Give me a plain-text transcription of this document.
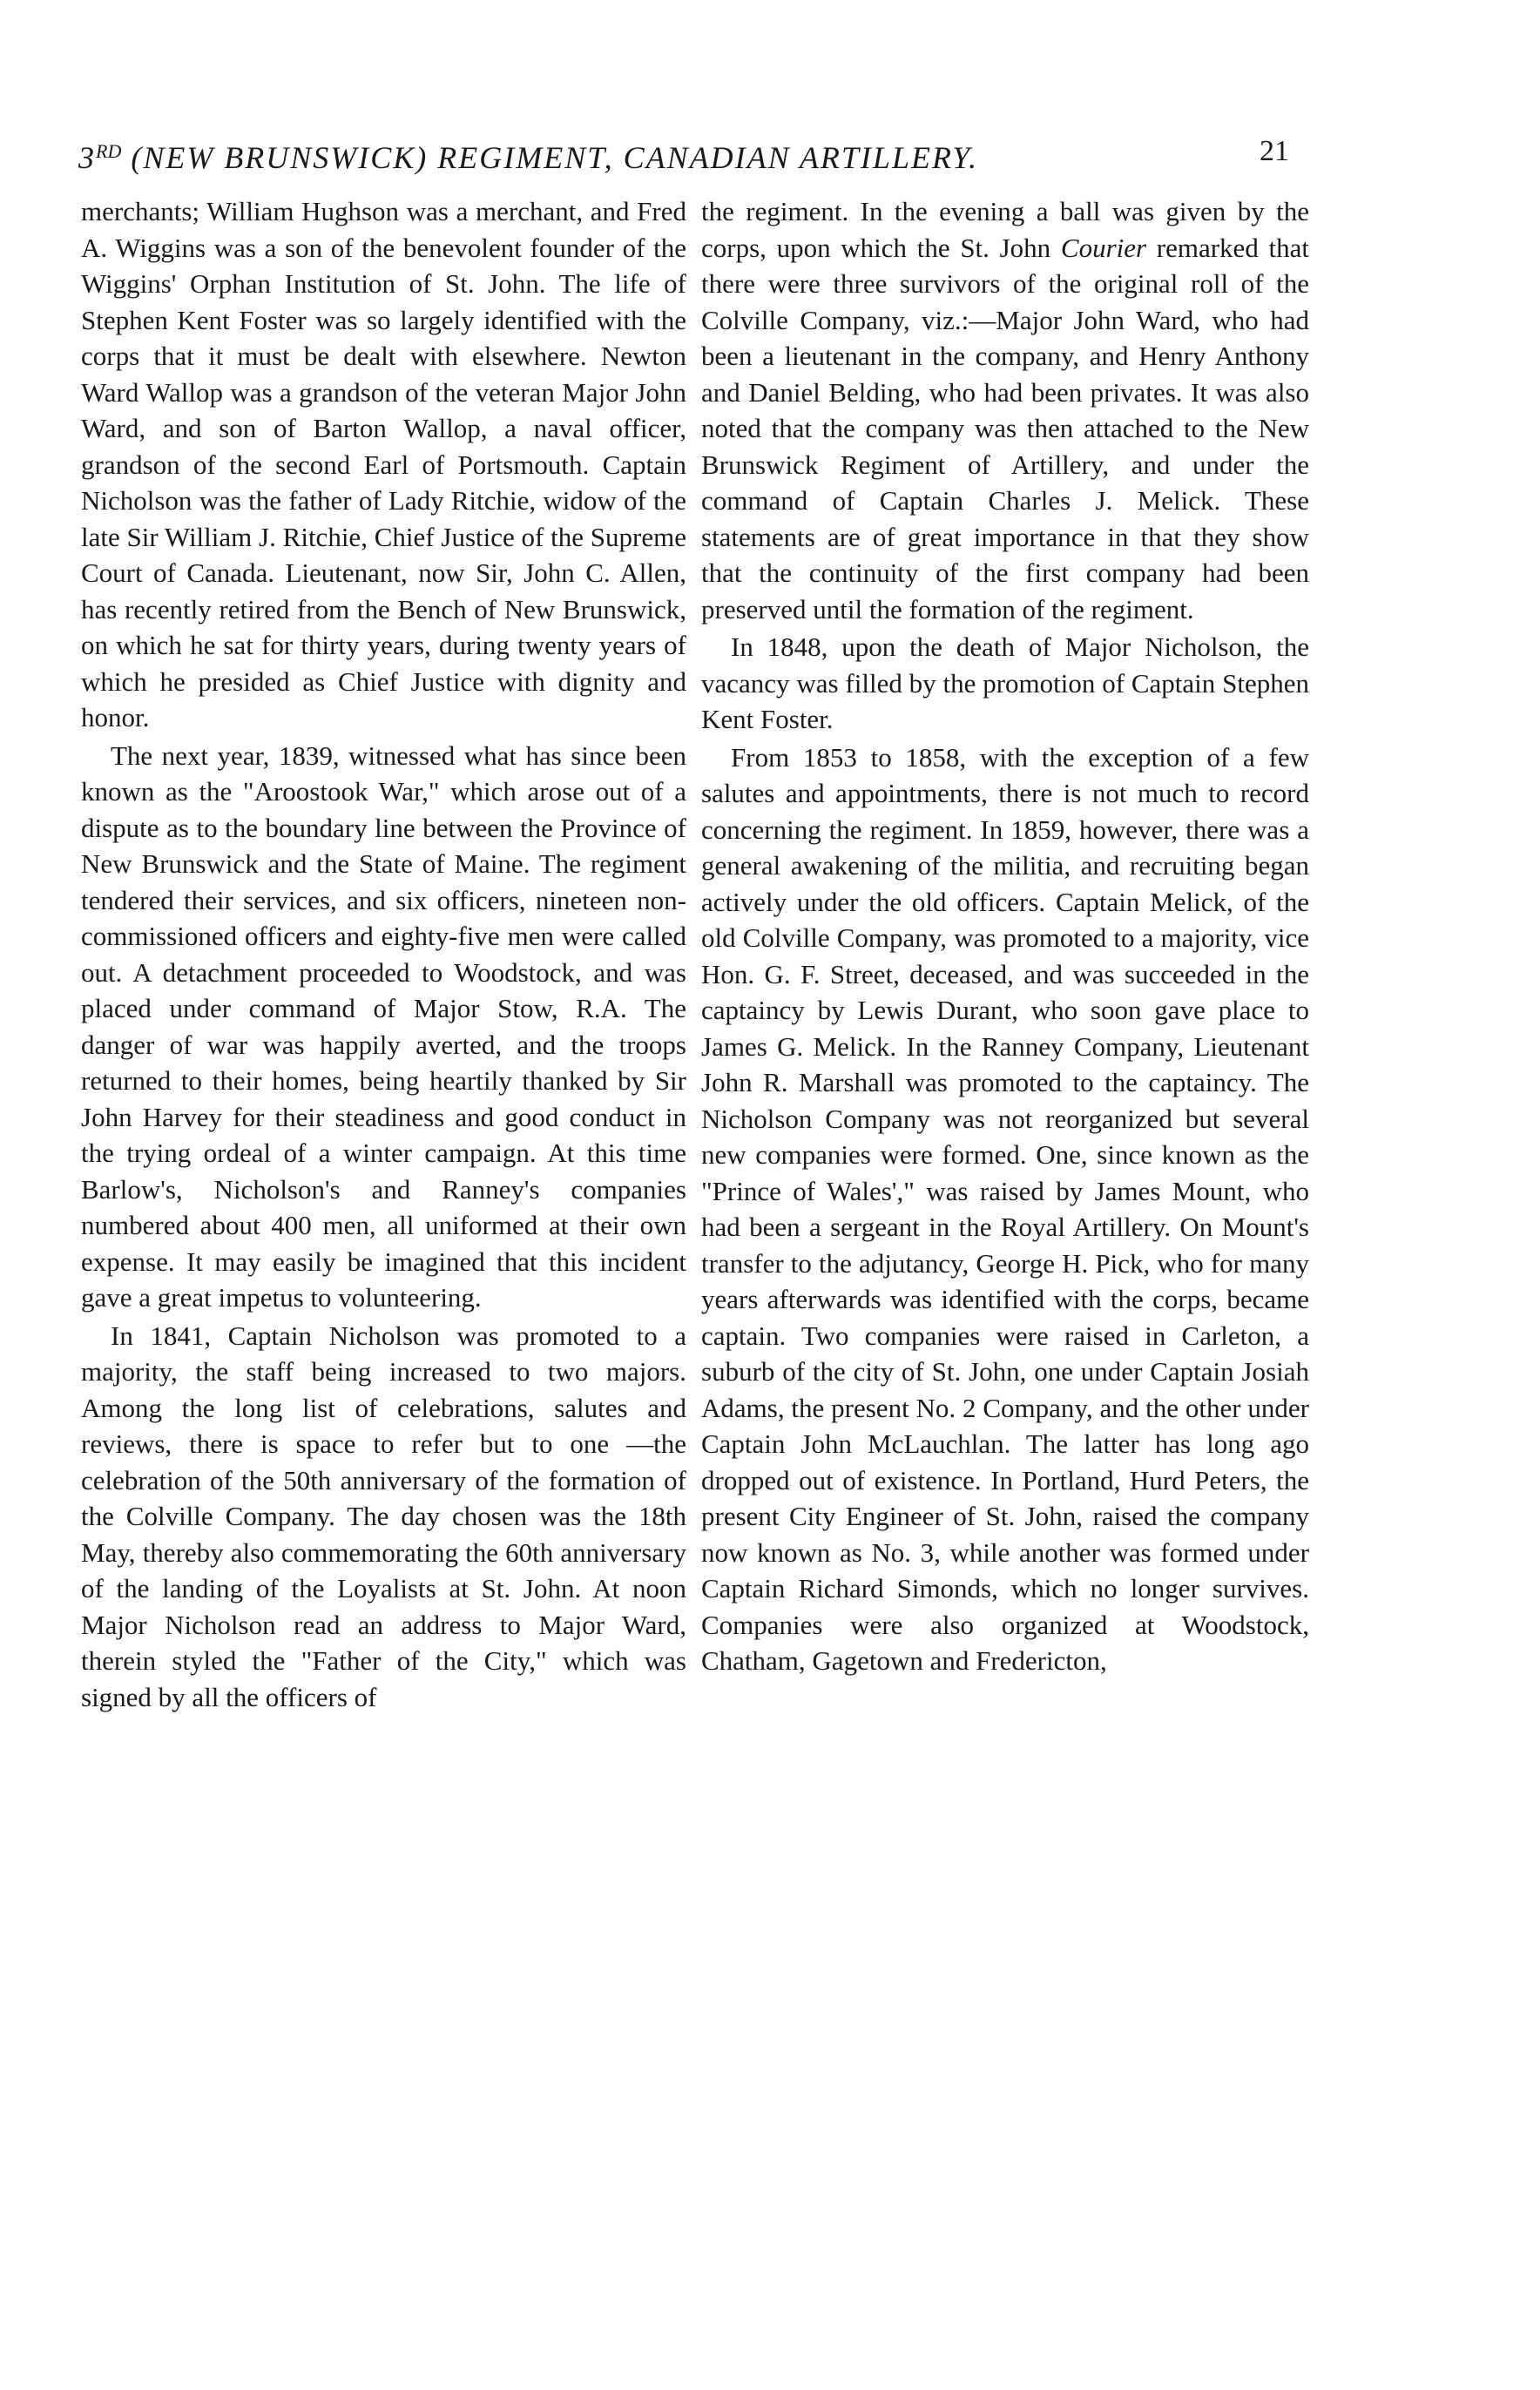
3RD (NEW BRUNSWICK) REGIMENT, CANADIAN ARTILLERY.	21

merchants; William Hughson was a merchant, and Fred A. Wiggins was a son of the benevolent founder of the Wiggins' Orphan Institution of St. John. The life of Stephen Kent Foster was so largely identified with the corps that it must be dealt with elsewhere. Newton Ward Wallop was a grandson of the veteran Major John Ward, and son of Barton Wallop, a naval officer, grandson of the second Earl of Portsmouth. Captain Nicholson was the father of Lady Ritchie, widow of the late Sir William J. Ritchie, Chief Justice of the Supreme Court of Canada. Lieutenant, now Sir, John C. Allen, has recently retired from the Bench of New Brunswick, on which he sat for thirty years, during twenty years of which he presided as Chief Justice with dignity and honor.

The next year, 1839, witnessed what has since been known as the "Aroostook War," which arose out of a dispute as to the boundary line between the Province of New Brunswick and the State of Maine. The regiment tendered their services, and six officers, nineteen non-commissioned officers and eighty-five men were called out. A detachment proceeded to Woodstock, and was placed under command of Major Stow, R.A. The danger of war was happily averted, and the troops returned to their homes, being heartily thanked by Sir John Harvey for their steadiness and good conduct in the trying ordeal of a winter campaign. At this time Barlow's, Nicholson's and Ranney's companies numbered about 400 men, all uniformed at their own expense. It may easily be imagined that this incident gave a great impetus to volunteering.

In 1841, Captain Nicholson was promoted to a majority, the staff being increased to two majors. Among the long list of celebrations, salutes and reviews, there is space to refer but to one —the celebration of the 50th anniversary of the formation of the Colville Company. The day chosen was the 18th May, thereby also commemorating the 60th anniversary of the landing of the Loyalists at St. John. At noon Major Nicholson read an address to Major Ward, therein styled the "Father of the City," which was signed by all the officers of

the regiment. In the evening a ball was given by the corps, upon which the St. John Courier remarked that there were three survivors of the original roll of the Colville Company, viz.:—Major John Ward, who had been a lieutenant in the company, and Henry Anthony and Daniel Belding, who had been privates. It was also noted that the company was then attached to the New Brunswick Regiment of Artillery, and under the command of Captain Charles J. Melick. These statements are of great importance in that they show that the continuity of the first company had been preserved until the formation of the regiment.

In 1848, upon the death of Major Nicholson, the vacancy was filled by the promotion of Captain Stephen Kent Foster.

From 1853 to 1858, with the exception of a few salutes and appointments, there is not much to record concerning the regiment. In 1859, however, there was a general awakening of the militia, and recruiting began actively under the old officers. Captain Melick, of the old Colville Company, was promoted to a majority, vice Hon. G. F. Street, deceased, and was succeeded in the captaincy by Lewis Durant, who soon gave place to James G. Melick. In the Ranney Company, Lieutenant John R. Marshall was promoted to the captaincy. The Nicholson Company was not reorganized but several new companies were formed. One, since known as the "Prince of Wales'," was raised by James Mount, who had been a sergeant in the Royal Artillery. On Mount's transfer to the adjutancy, George H. Pick, who for many years afterwards was identified with the corps, became captain. Two companies were raised in Carleton, a suburb of the city of St. John, one under Captain Josiah Adams, the present No. 2 Company, and the other under Captain John McLauchlan. The latter has long ago dropped out of existence. In Portland, Hurd Peters, the present City Engineer of St. John, raised the company now known as No. 3, while another was formed under Captain Richard Simonds, which no longer survives. Companies were also organized at Woodstock, Chatham, Gagetown and Fredericton,
